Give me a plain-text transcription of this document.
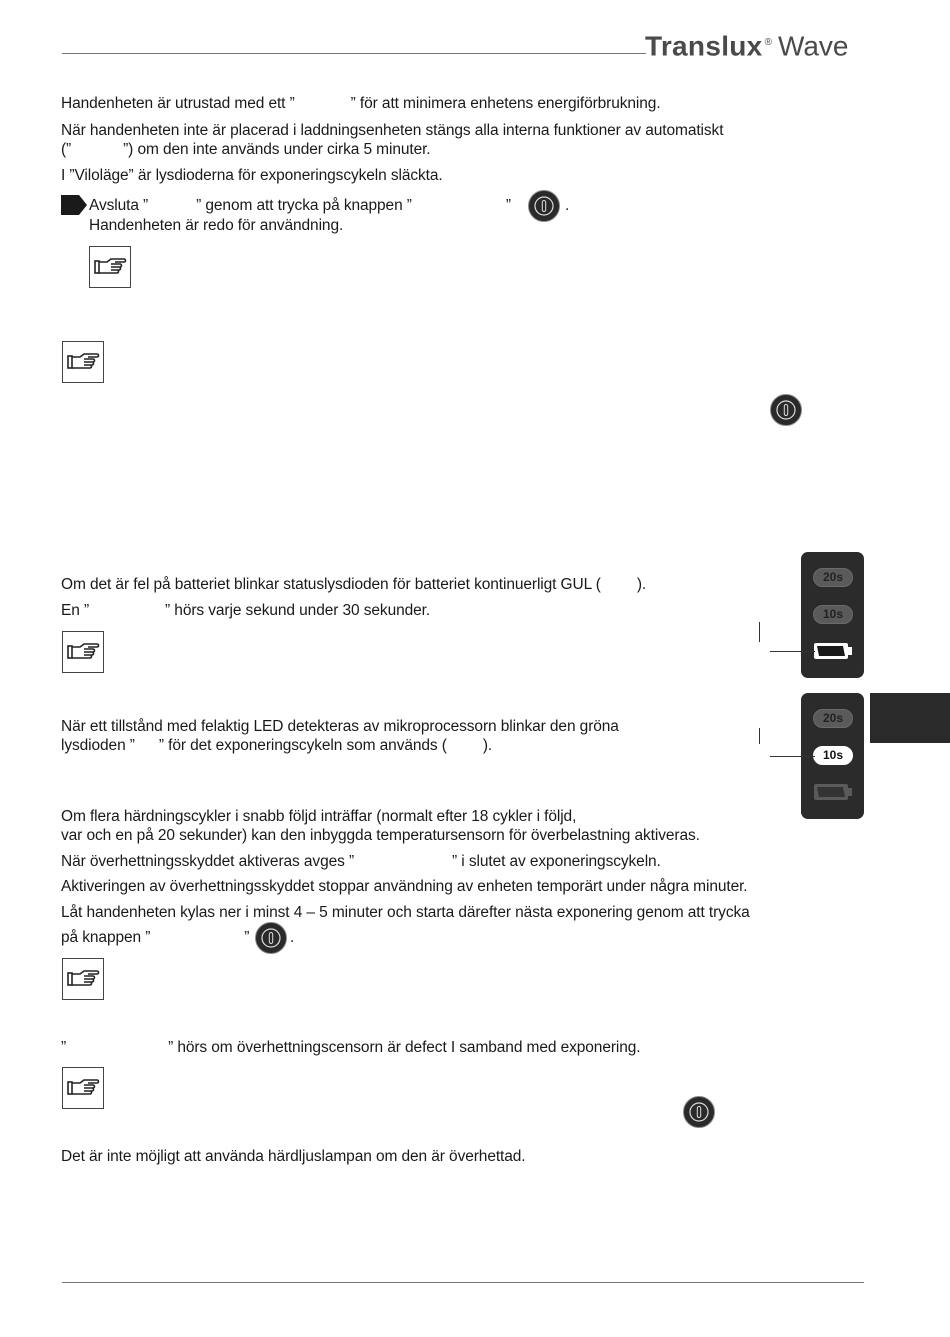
Translux ® Wave
Handenheten är utrustad med ett ”	” för att minimera enhetens energiförbrukning.
När handenheten inte är placerad i laddningsenheten stängs alla interna funktioner av automatiskt
(”	”) om den inte används under cirka 5 minuter.
I ”Viloläge” är lysdioderna för exponeringscykeln släckta.
Avsluta ”	” genom att trycka på knappen ”	”	.
Handenheten är redo för användning.
Om det är fel på batteriet blinkar statuslysdioden för batteriet kontinuerligt GUL ( ).
En ”	” hörs varje sekund under 30 sekunder.
20s
10s
När ett tillstånd med felaktig LED detekteras av mikroprocessorn blinkar den gröna
lysdioden ” ” för det exponeringscykeln som används ( ).
20s
10s
Om flera härdningscykler i snabb följd inträffar (normalt efter 18 cykler i följd,
var och en på 20 sekunder) kan den inbyggda temperatursensorn för överbelastning aktiveras.
När överhettningsskyddet aktiveras avges ”	” i slutet av exponeringscykeln.
Aktiveringen av överhettningsskyddet stoppar användning av enheten temporärt under några minuter.
Låt handenheten kylas ner i minst 4 – 5 minuter och starta därefter nästa exponering genom att trycka
på knappen ”	”	.
”	” hörs om överhettningscensorn är defect I samband med exponering.
Det är inte möjligt att använda härdljuslampan om den är överhettad.
